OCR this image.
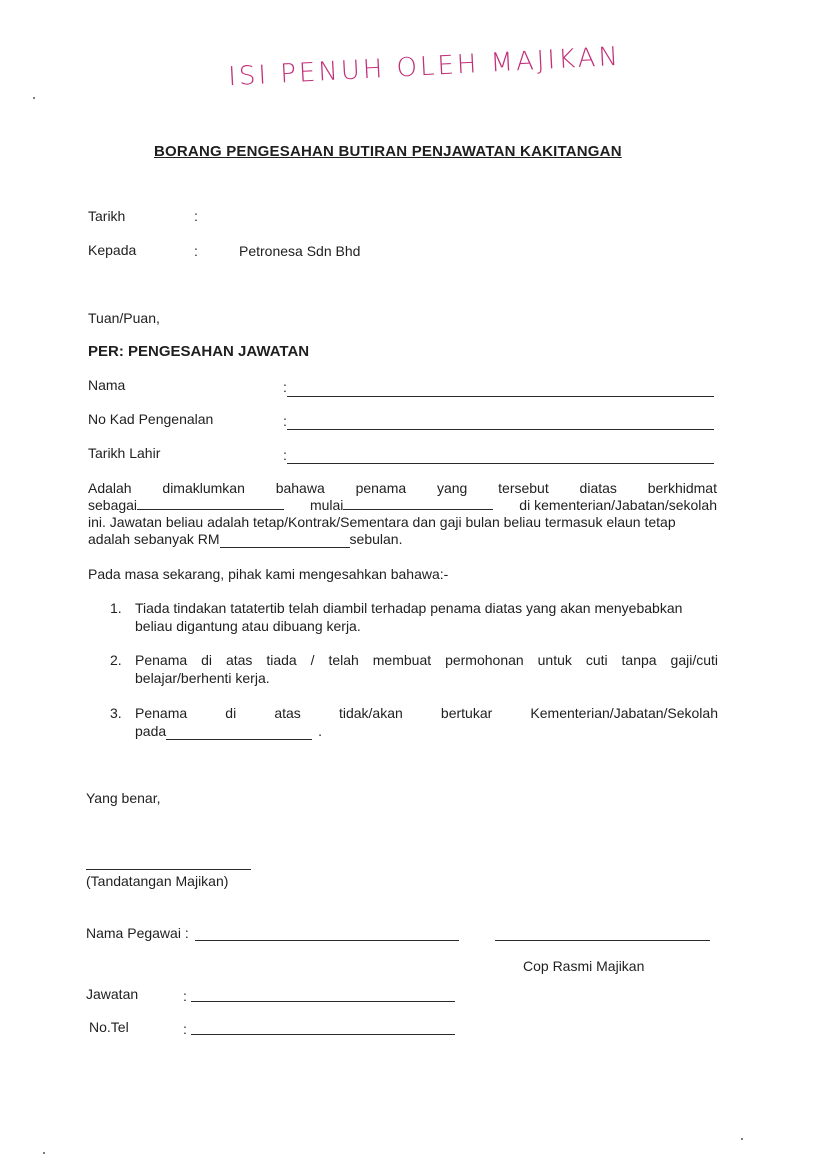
ISI PENUH OLEH MAJIKAN
BORANG PENGESAHAN BUTIRAN PENJAWATAN KAKITANGAN
Tarikh	:
Kepada	:	Petronesa Sdn Bhd
Tuan/Puan,
PER: PENGESAHAN JAWATAN
Nama	:
No Kad Pengenalan	:
Tarikh Lahir	:
Adalah dimaklumkan bahawa penama yang tersebut diatas berkhidmat
sebagai	mulai	di kementerian/Jabatan/sekolah
ini. Jawatan beliau adalah tetap/Kontrak/Sementara dan gaji bulan beliau termasuk elaun tetap
adalah sebanyak RM	sebulan.
Pada masa sekarang, pihak kami mengesahkan bahawa:-
1. Tiada tindakan tatatertib telah diambil terhadap penama diatas yang akan menyebabkan
beliau digantung atau dibuang kerja.
2. Penama di atas tiada / telah membuat permohonan untuk cuti tanpa gaji/cuti
belajar/berhenti kerja.
3. Penama	di	atas	tidak/akan	bertukar	Kementerian/Jabatan/Sekolah
pada	.
Yang benar,
(Tandatangan Majikan)
Nama Pegawai :
Cop Rasmi Majikan
Jawatan	:
No.Tel	:
